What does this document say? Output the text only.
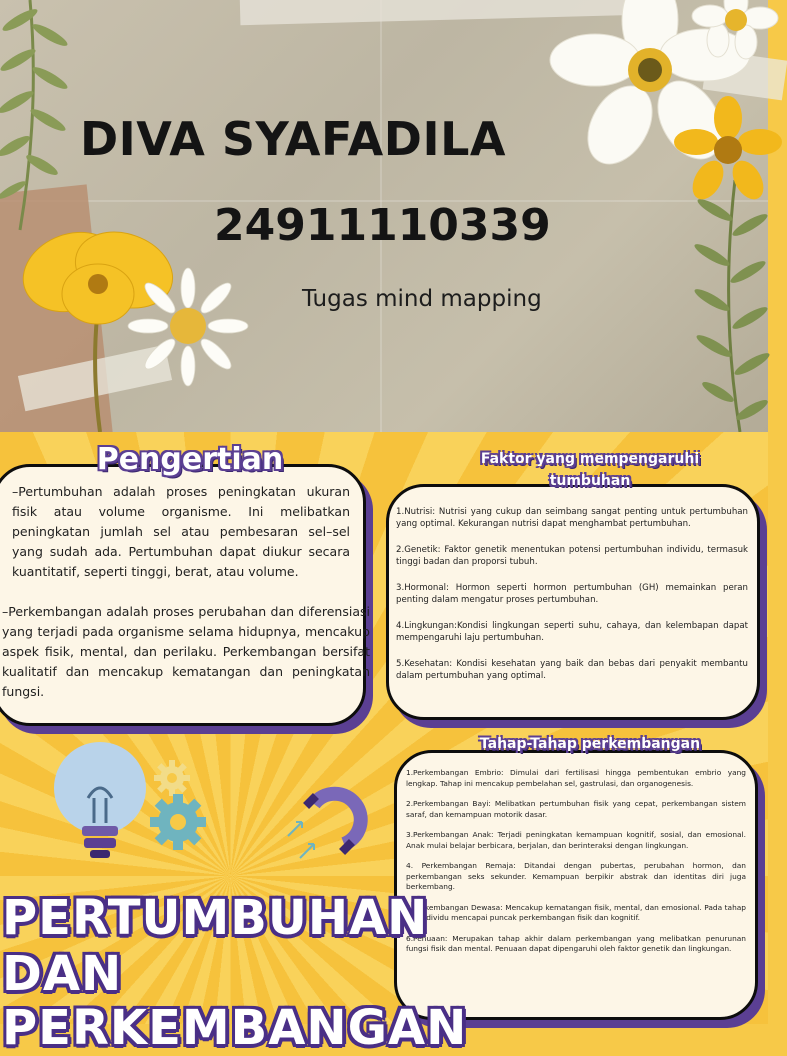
DIVA SYAFADILA
24911110339
Tugas mind mapping
Pengertian
–Pertumbuhan adalah proses peningkatan ukuran fisik atau volume organisme. Ini melibatkan peningkatan jumlah sel atau pembesaran sel–sel yang sudah ada. Pertumbuhan dapat diukur secara kuantitatif, seperti tinggi, berat, atau volume.
–Perkembangan adalah proses perubahan dan diferensiasi yang terjadi pada organisme selama hidupnya, mencakup aspek fisik, mental, dan perilaku. Perkembangan bersifat kualitatif dan mencakup kematangan dan peningkatan fungsi.
Faktor yang mempengaruhi
tumbuhan

1.Nutrisi: Nutrisi yang cukup dan seimbang sangat penting untuk pertumbuhan yang optimal. Kekurangan nutrisi dapat menghambat pertumbuhan.

2.Genetik: Faktor genetik menentukan potensi pertumbuhan individu, termasuk tinggi badan dan proporsi tubuh.

3.Hormonal: Hormon seperti hormon pertumbuhan (GH) memainkan peran penting dalam mengatur proses pertumbuhan.

4.Lingkungan:Kondisi lingkungan seperti suhu, cahaya, dan kelembapan dapat mempengaruhi laju pertumbuhan.

5.Kesehatan: Kondisi kesehatan yang baik dan bebas dari penyakit membantu dalam pertumbuhan yang optimal.

Tahap-Tahap perkembangan

1.Perkembangan Embrio: Dimulai dari fertilisasi hingga pembentukan embrio yang lengkap. Tahap ini mencakup pembelahan sel, gastrulasi, dan organogenesis.

2.Perkembangan Bayi: Melibatkan pertumbuhan fisik yang cepat, perkembangan sistem saraf, dan kemampuan motorik dasar.

3.Perkembangan Anak: Terjadi peningkatan kemampuan kognitif, sosial, dan emosional. Anak mulai belajar berbicara, berjalan, dan berinteraksi dengan lingkungan.

4. Perkembangan Remaja: Ditandai dengan pubertas, perubahan hormon, dan perkembangan seks sekunder. Kemampuan berpikir abstrak dan identitas diri juga berkembang.

5.Perkembangan Dewasa: Mencakup kematangan fisik, mental, dan emosional. Pada tahap ini, individu mencapai puncak perkembangan fisik dan kognitif.

6.Penuaan: Merupakan tahap akhir dalam perkembangan yang melibatkan penurunan fungsi fisik dan mental. Penuaan dapat dipengaruhi oleh faktor genetik dan lingkungan.

PERTUMBUHAN
DAN
PERKEMBANGAN
